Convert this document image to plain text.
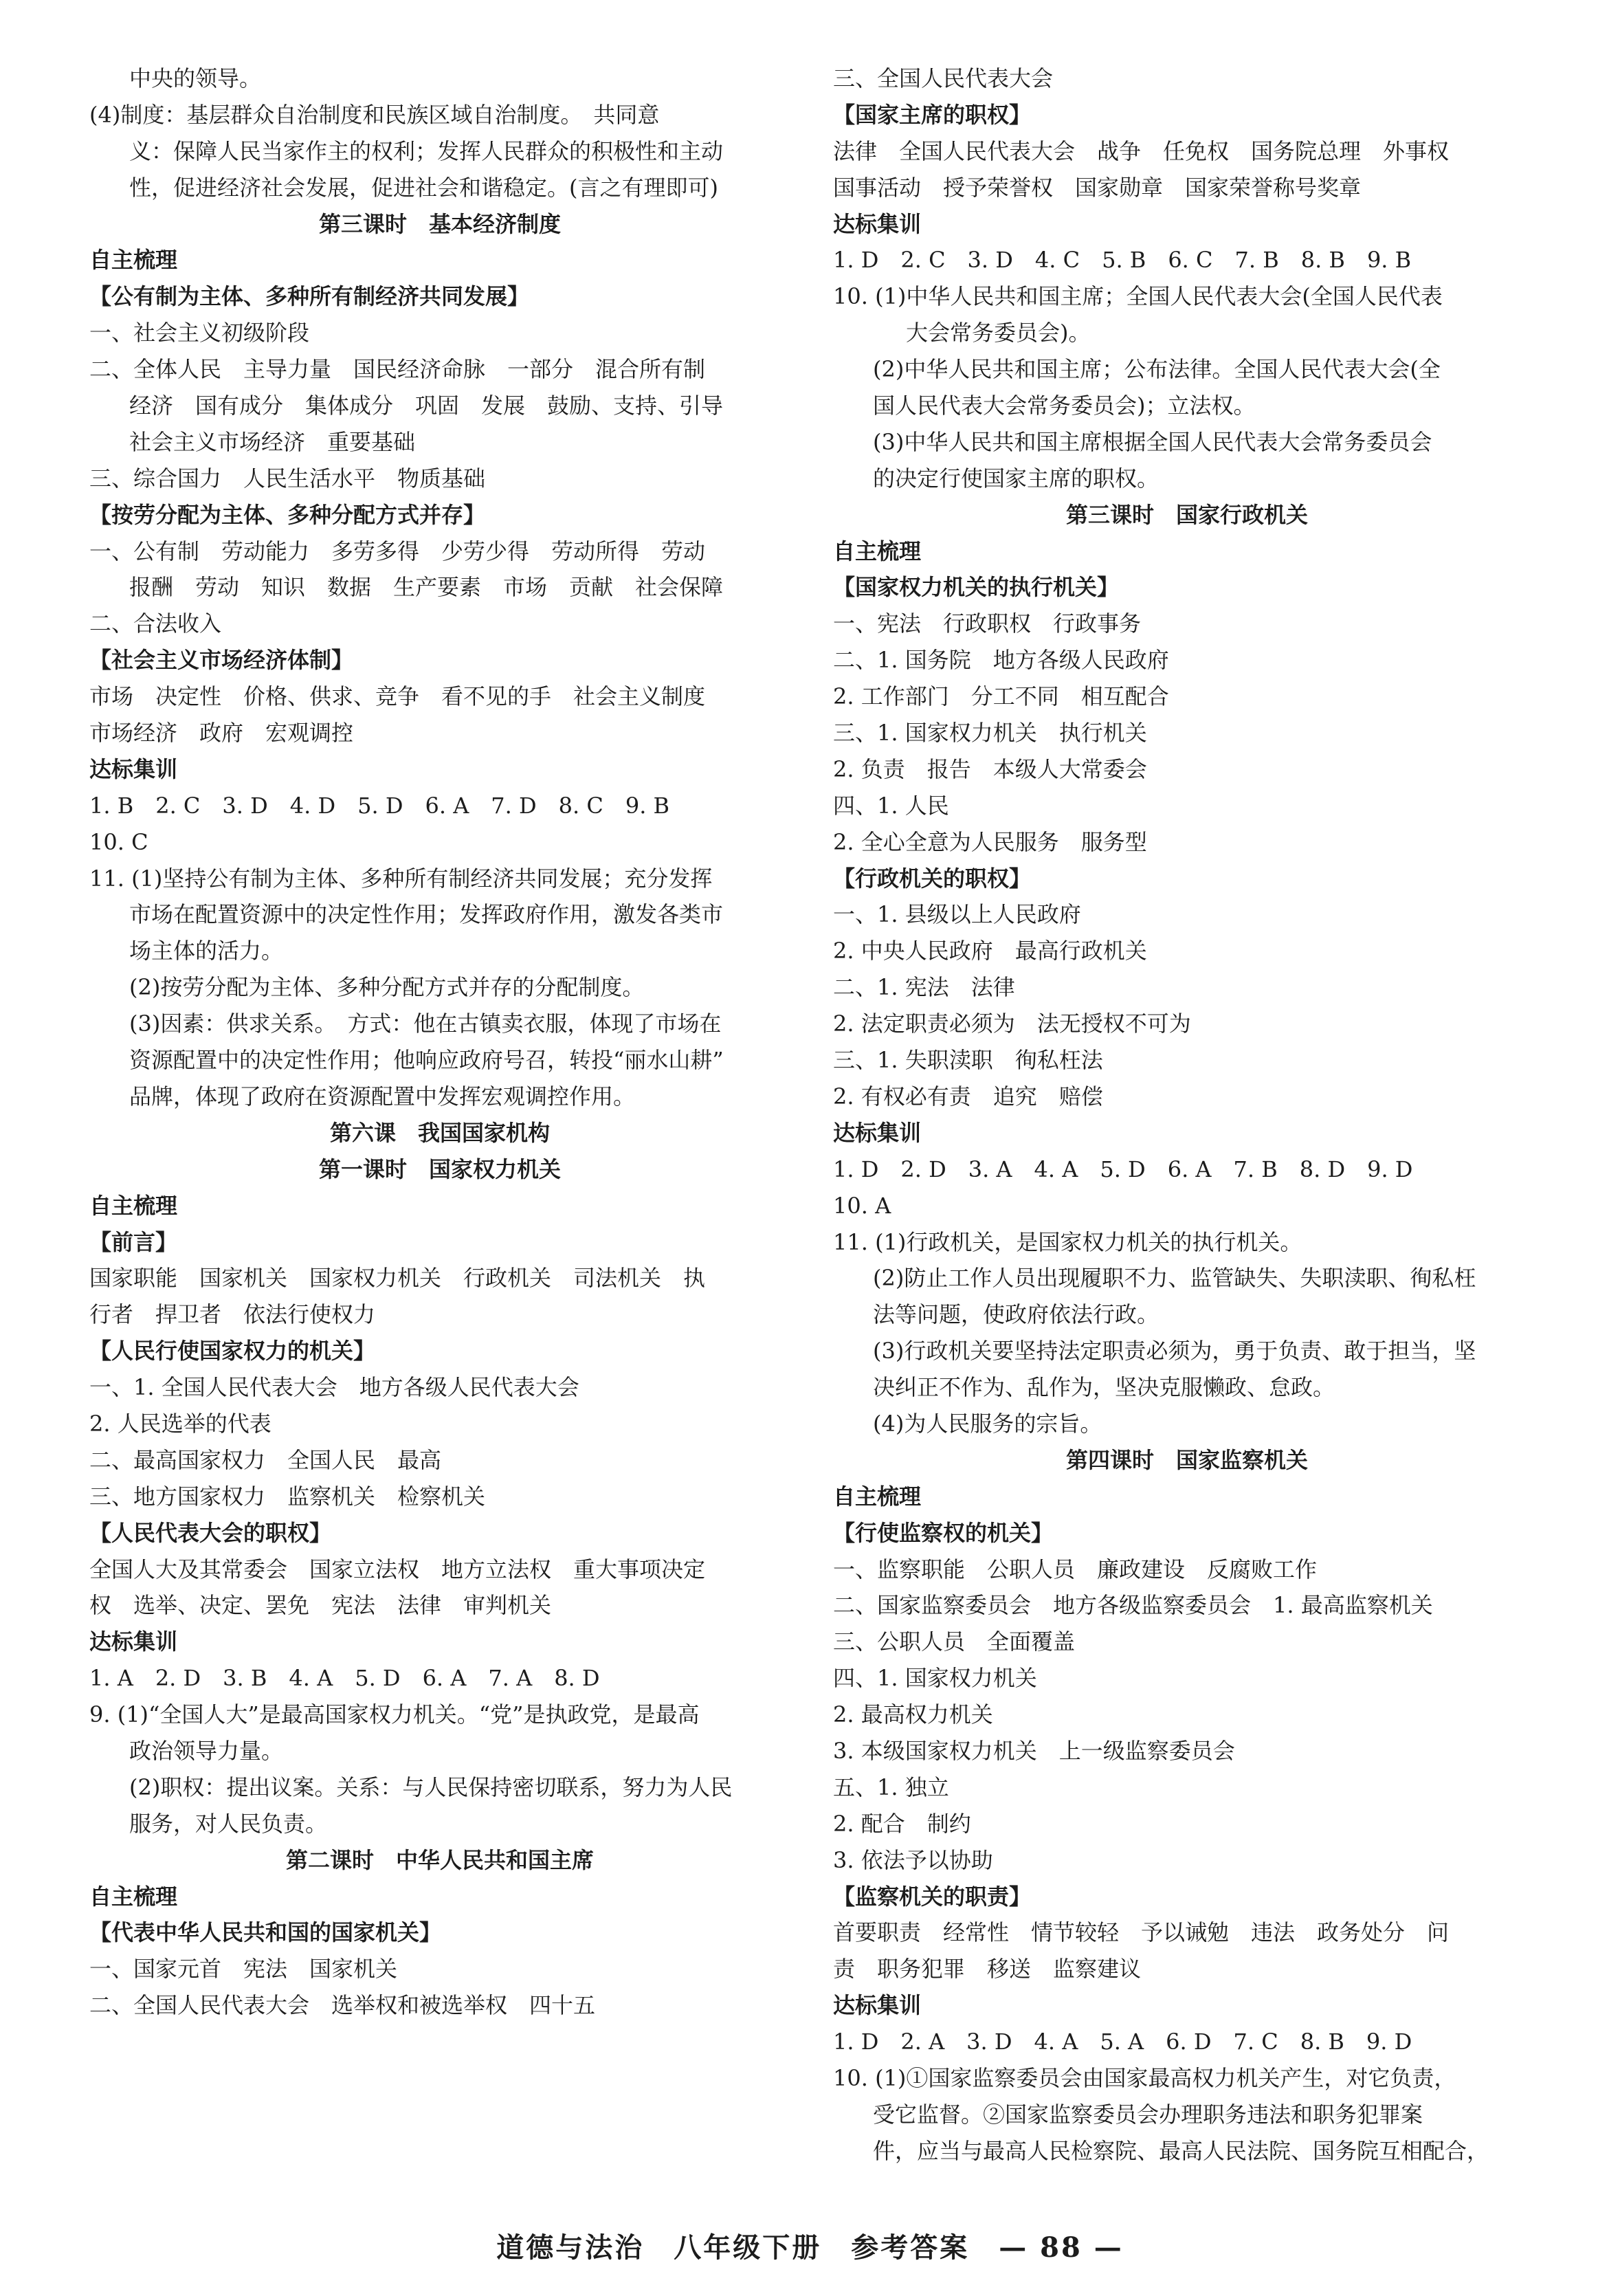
中央的领导。
(4)制度：基层群众自治制度和民族区域自治制度。　共同意
义：保障人民当家作主的权利；发挥人民群众的积极性和主动
性，促进经济社会发展，促进社会和谐稳定。(言之有理即可)
第三课时　基本经济制度
自主梳理
【公有制为主体、多种所有制经济共同发展】
一、社会主义初级阶段
二、全体人民　主导力量　国民经济命脉　一部分　混合所有制
经济　国有成分　集体成分　巩固　发展　鼓励、支持、引导
社会主义市场经济　重要基础
三、综合国力　人民生活水平　物质基础
【按劳分配为主体、多种分配方式并存】
一、公有制　劳动能力　多劳多得　少劳少得　劳动所得　劳动
报酬　劳动　知识　数据　生产要素　市场　贡献　社会保障
二、合法收入
【社会主义市场经济体制】
市场　决定性　价格、供求、竞争　看不见的手　社会主义制度
市场经济　政府　宏观调控
达标集训
1. B　2. C　3. D　4. D　5. D　6. A　7. D　8. C　9. B
10. C
11. (1)坚持公有制为主体、多种所有制经济共同发展；充分发挥
市场在配置资源中的决定性作用；发挥政府作用，激发各类市
场主体的活力。
(2)按劳分配为主体、多种分配方式并存的分配制度。
(3)因素：供求关系。　方式：他在古镇卖衣服，体现了市场在
资源配置中的决定性作用；他响应政府号召，转投“丽水山耕”
品牌，体现了政府在资源配置中发挥宏观调控作用。
第六课　我国国家机构
第一课时　国家权力机关
自主梳理
【前言】
国家职能　国家机关　国家权力机关　行政机关　司法机关　执
行者　捍卫者　依法行使权力
【人民行使国家权力的机关】
一、1. 全国人民代表大会　地方各级人民代表大会
2. 人民选举的代表
二、最高国家权力　全国人民　最高
三、地方国家权力　监察机关　检察机关
【人民代表大会的职权】
全国人大及其常委会　国家立法权　地方立法权　重大事项决定
权　选举、决定、罢免　宪法　法律　审判机关
达标集训
1. A　2. D　3. B　4. A　5. D　6. A　7. A　8. D
9. (1)“全国人大”是最高国家权力机关。“党”是执政党，是最高
政治领导力量。
(2)职权：提出议案。关系：与人民保持密切联系，努力为人民
服务，对人民负责。
第二课时　中华人民共和国主席
自主梳理
【代表中华人民共和国的国家机关】
一、国家元首　宪法　国家机关
二、全国人民代表大会　选举权和被选举权　四十五
三、全国人民代表大会
【国家主席的职权】
法律　全国人民代表大会　战争　任免权　国务院总理　外事权
国事活动　授予荣誉权　国家勋章　国家荣誉称号奖章
达标集训
1. D　2. C　3. D　4. C　5. B　6. C　7. B　8. B　9. B
10. (1)中华人民共和国主席；全国人民代表大会(全国人民代表
大会常务委员会)。
(2)中华人民共和国主席；公布法律。全国人民代表大会(全
国人民代表大会常务委员会)；立法权。
(3)中华人民共和国主席根据全国人民代表大会常务委员会
的决定行使国家主席的职权。
第三课时　国家行政机关
自主梳理
【国家权力机关的执行机关】
一、宪法　行政职权　行政事务
二、1. 国务院　地方各级人民政府
2. 工作部门　分工不同　相互配合
三、1. 国家权力机关　执行机关
2. 负责　报告　本级人大常委会
四、1. 人民
2. 全心全意为人民服务　服务型
【行政机关的职权】
一、1. 县级以上人民政府
2. 中央人民政府　最高行政机关
二、1. 宪法　法律
2. 法定职责必须为　法无授权不可为
三、1. 失职渎职　徇私枉法
2. 有权必有责　追究　赔偿
达标集训
1. D　2. D　3. A　4. A　5. D　6. A　7. B　8. D　9. D
10. A
11. (1)行政机关，是国家权力机关的执行机关。
(2)防止工作人员出现履职不力、监管缺失、失职渎职、徇私枉
法等问题，使政府依法行政。
(3)行政机关要坚持法定职责必须为，勇于负责、敢于担当，坚
决纠正不作为、乱作为，坚决克服懒政、怠政。
(4)为人民服务的宗旨。
第四课时　国家监察机关
自主梳理
【行使监察权的机关】
一、监察职能　公职人员　廉政建设　反腐败工作
二、国家监察委员会　地方各级监察委员会　1. 最高监察机关
三、公职人员　全面覆盖
四、1. 国家权力机关
2. 最高权力机关
3. 本级国家权力机关　上一级监察委员会
五、1. 独立
2. 配合　制约
3. 依法予以协助
【监察机关的职责】
首要职责　经常性　情节较轻　予以诫勉　违法　政务处分　问
责　职务犯罪　移送　监察建议
达标集训
1. D　2. A　3. D　4. A　5. A　6. D　7. C　8. B　9. D
10. (1)①国家监察委员会由国家最高权力机关产生，对它负责，
受它监督。②国家监察委员会办理职务违法和职务犯罪案
件，应当与最高人民检察院、最高人民法院、国务院互相配合，
道德与法治　八年级下册　参考答案　— 88 —
